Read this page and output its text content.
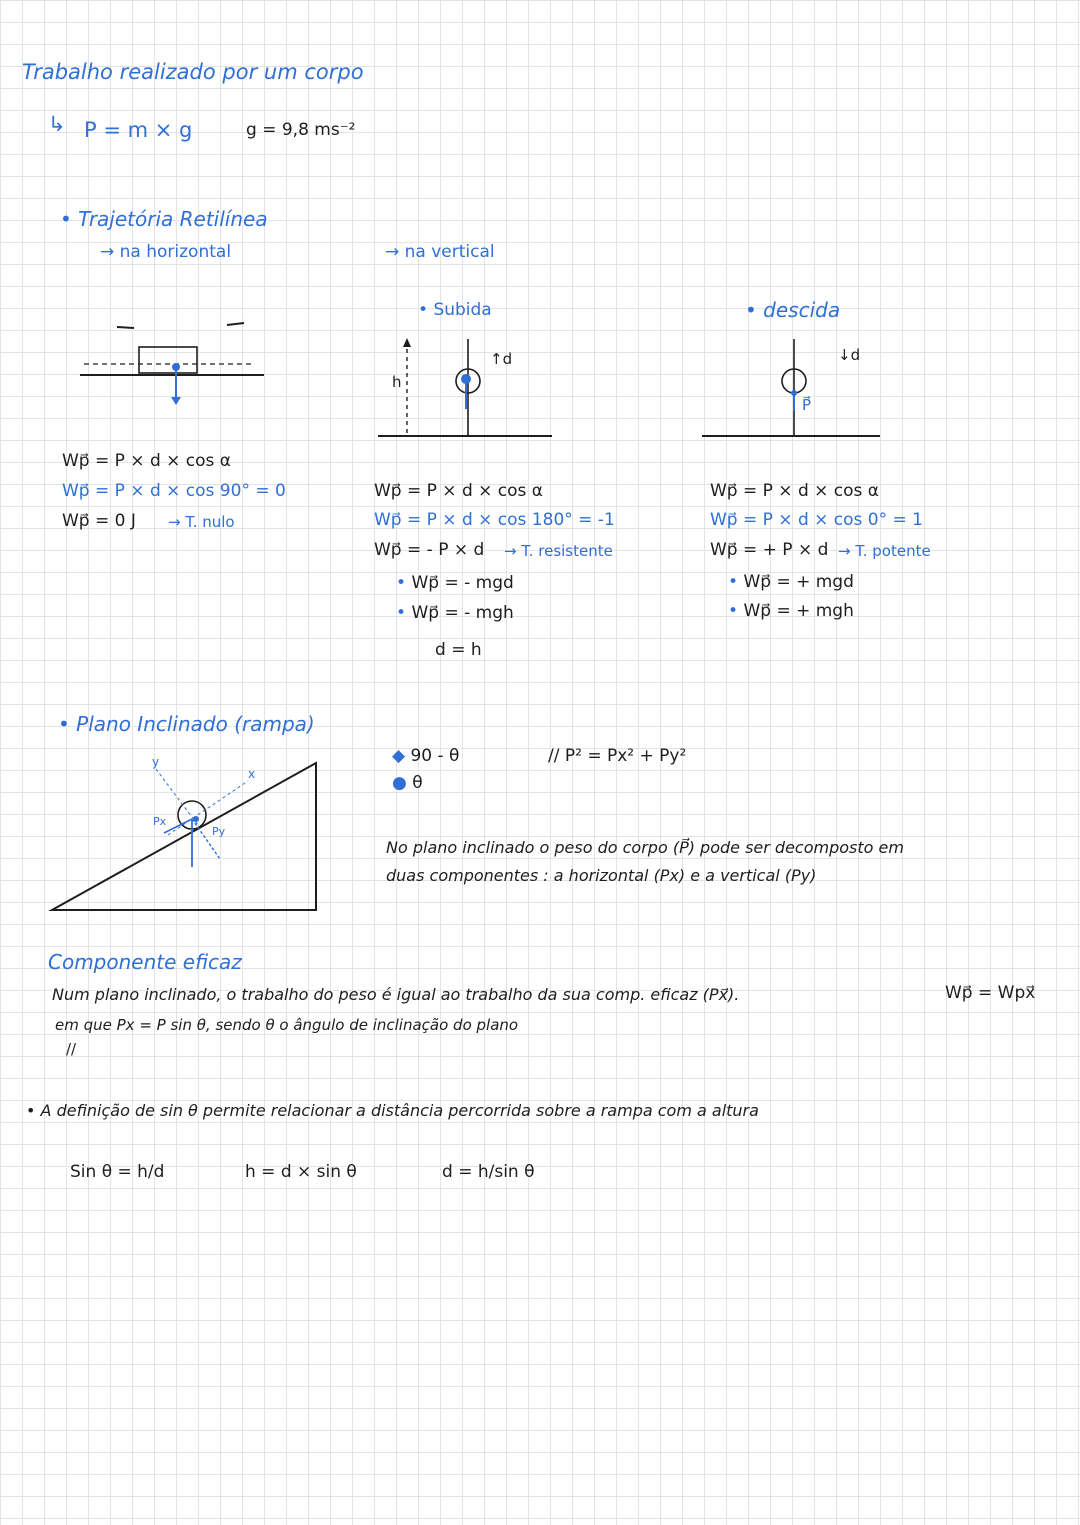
Trabalho realizado por um corpo
↳ P = m × g	g = 9,8 ms⁻²
• Trajetória Retilínea
→ na horizontal	→ na vertical
• Subida	• descida
↑d
h
↓d
P⃗
Wp⃗ = P × d × cos α
Wp⃗ = P × d × cos 90° = 0
Wp⃗ = 0 J → T. nulo
Wp⃗ = P × d × cos α
Wp⃗ = P × d × cos 180° = -1
Wp⃗ = - P × d → T. resistente
• Wp⃗ = - mgd
• Wp⃗ = - mgh
d = h
Wp⃗ = P × d × cos α
Wp⃗ = P × d × cos 0° = 1
Wp⃗ = + P × d → T. potente
• Wp⃗ = + mgd
• Wp⃗ = + mgh
• Plano Inclinado (rampa)
y
x
Px
Py
◆ 90 - θ
● θ
// P² = Px² + Py²
No plano inclinado o peso do corpo (P⃗) pode ser decomposto em
duas componentes : a horizontal (Px) e a vertical (Py)
Componente eficaz
Num plano inclinado, o trabalho do peso é igual ao trabalho da sua comp. eficaz (Px⃗).	Wp⃗ = Wpx⃗
em que Px = P sin θ, sendo θ o ângulo de inclinação do plano
//
• A definição de sin θ permite relacionar a distância percorrida sobre a rampa com a altura
Sin θ = h/d	h = d × sin θ	d = h/sin θ
